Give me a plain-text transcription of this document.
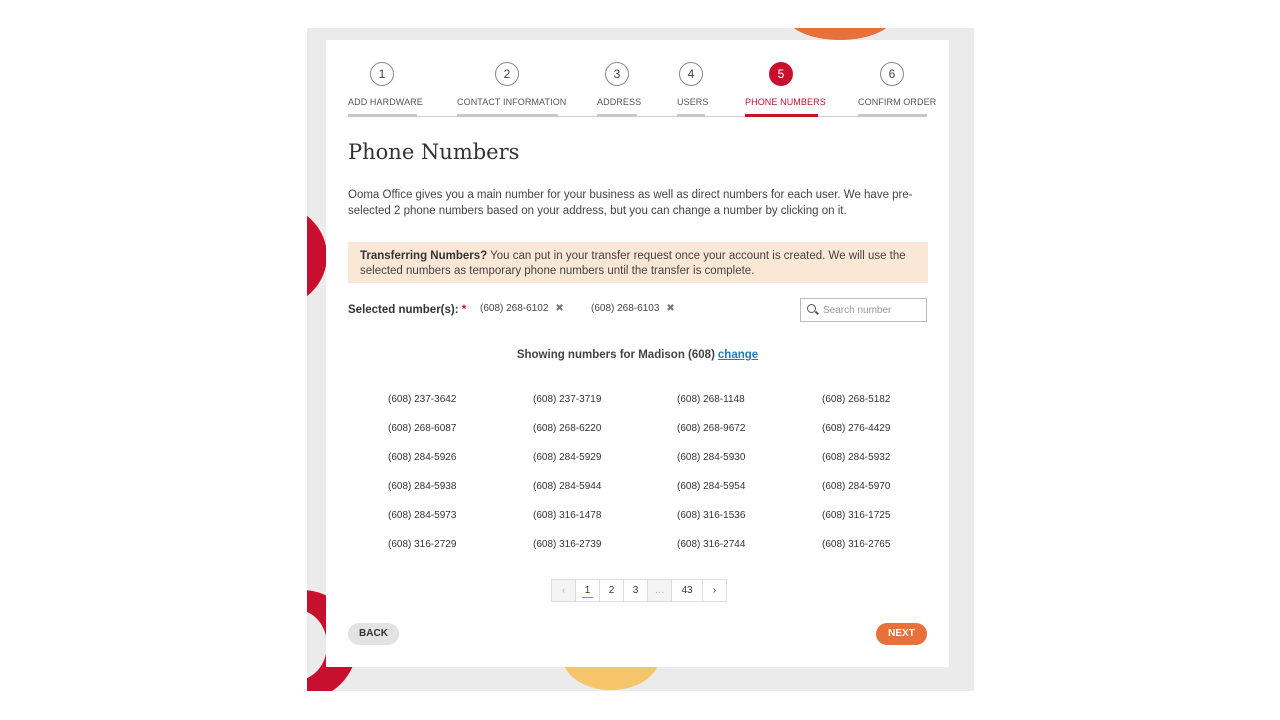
1
ADD HARDWARE
2
CONTACT INFORMATION
3
ADDRESS
4
USERS
5
PHONE NUMBERS
6
CONFIRM ORDER
Phone Numbers
Ooma Office gives you a main number for your business as well as direct numbers for each user. We have pre-selected 2 phone numbers based on your address, but you can change a number by clicking on it.
Transferring Numbers? You can put in your transfer request once your account is created. We will use the selected numbers as temporary phone numbers until the transfer is complete.
Selected number(s): * (608) 268-6102 ✖	(608) 268-6103 ✖
Search number
Showing numbers for Madison (608) change
(608) 237-3642	(608) 237-3719	(608) 268-1148	(608) 268-5182
(608) 268-6087	(608) 268-6220	(608) 268-9672	(608) 276-4429
(608) 284-5926	(608) 284-5929	(608) 284-5930	(608) 284-5932
(608) 284-5938	(608) 284-5944	(608) 284-5954	(608) 284-5970
(608) 284-5973	(608) 316-1478	(608) 316-1536	(608) 316-1725
(608) 316-2729	(608) 316-2739	(608) 316-2744	(608) 316-2765
‹	1	2	3	…	43	›
BACK	NEXT
